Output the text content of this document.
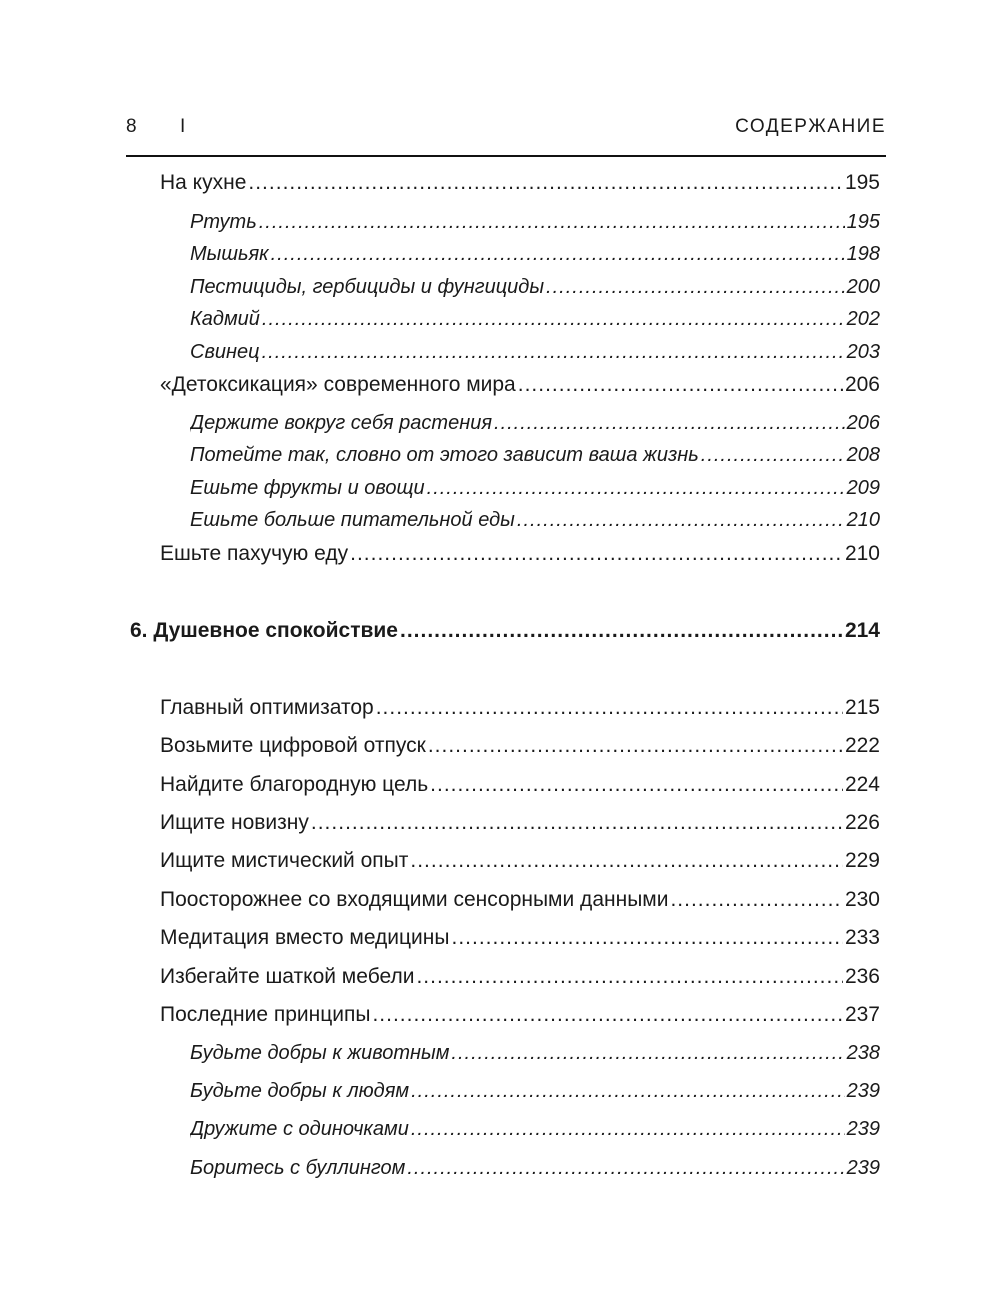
8 I	СОДЕРЖАНИЕ
На кухне .....	195
Ртуть .....	195
Мышьяк .....	198
Пестициды, гербициды и фунгициды .....	200
Кадмий .....	202
Свинец .....	203
«Детоксикация» современного мира .....	206
Держите вокруг себя растения .....	206
Потейте так, словно от этого зависит ваша жизнь .....	208
Ешьте фрукты и овощи .....	209
Ешьте больше питательной еды .....	210
Ешьте пахучую еду .....	210
6. Душевное спокойствие .....	214
Главный оптимизатор .....	215
Возьмите цифровой отпуск .....	222
Найдите благородную цель .....	224
Ищите новизну .....	226
Ищите мистический опыт .....	229
Поосторожнее со входящими сенсорными данными .....	230
Медитация вместо медицины .....	233
Избегайте шаткой мебели .....	236
Последние принципы .....	237
Будьте добры к животным .....	238
Будьте добры к людям .....	239
Дружите с одиночками .....	239
Боритесь с буллингом .....	239
